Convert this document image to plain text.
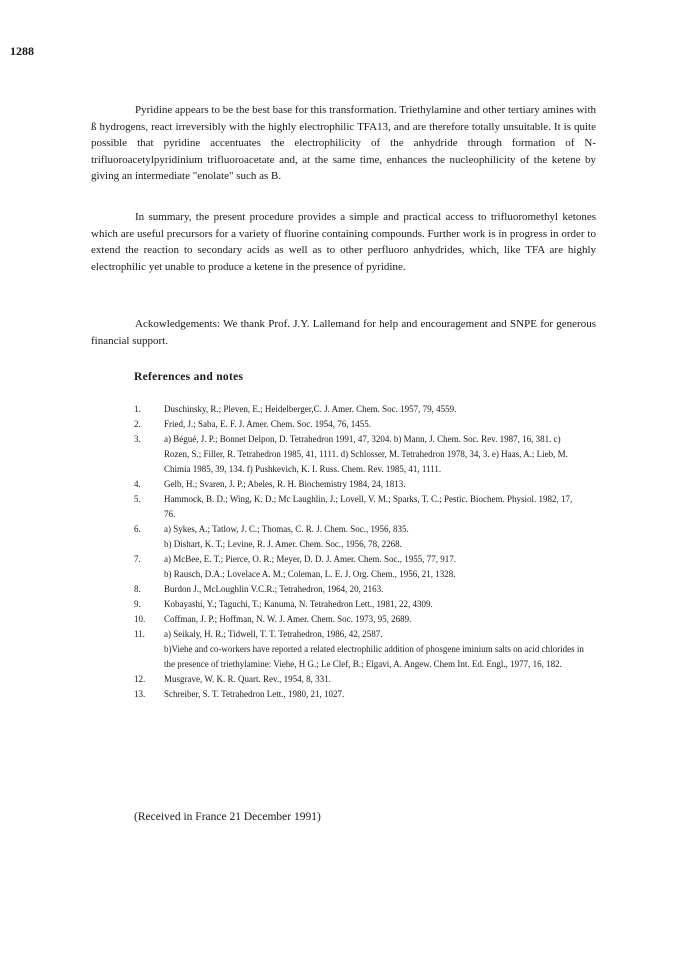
1288

Pyridine appears to be the best base for this transformation. Triethylamine and other tertiary amines with ß hydrogens, react irreversibly with the highly electrophilic TFA13, and are therefore totally unsuitable. It is quite possible that pyridine accentuates the electrophilicity of the anhydride through formation of N-trifluoroacetylpyridinium trifluoroacetate and, at the same time, enhances the nucleophilicity of the ketene by giving an intermediate "enolate" such as B.

In summary, the present procedure provides a simple and practical access to trifluoromethyl ketones which are useful precursors for a variety of fluorine containing compounds. Further work is in progress in order to extend the reaction to secondary acids as well as to other perfluoro anhydrides, which, like TFA are highly electrophilic yet unable to produce a ketene in the presence of pyridine.

Ackowledgements: We thank Prof. J.Y. Lallemand for help and encouragement and SNPE for generous financial support.

References and notes
1.	Duschinsky, R.; Pleven, E.; Heidelberger,C. J. Amer. Chem. Soc. 1957, 79, 4559.
2.	Fried, J.; Saba, E. F. J. Amer. Chem. Soc. 1954, 76, 1455.
3.	a) Bégué, J. P.; Bonnet Delpon, D. Tetrahedron 1991, 47, 3204. b) Mann, J. Chem. Soc. Rev. 1987, 16, 381. c) Rozen, S.; Filler, R. Tetrahedron 1985, 41, 1111. d) Schlosser, M. Tetrahedron 1978, 34, 3. e) Haas, A.; Lieb, M. Chimia 1985, 39, 134. f) Pushkevich, K. I. Russ. Chem. Rev. 1985, 41, 1111.
4.	Gelb, H.; Svaren, J. P.; Abeles, R. H. Biochemistry 1984, 24, 1813.
5.	Hammock, B. D.; Wing, K. D.; Mc Laughlin, J.; Lovell, V. M.; Sparks, T. C.; Pestic. Biochem. Physiol. 1982, 17, 76.
6.	a) Sykes, A.; Tatlow, J. C.; Thomas, C. R. J. Chem. Soc., 1956, 835.
b) Dishart, K. T.; Levine, R. J. Amer. Chem. Soc., 1956, 78, 2268.
7.	a) McBee, E. T.; Pierce, O. R.; Meyer, D. D. J. Amer. Chem. Soc., 1955, 77, 917.
b) Rausch, D.A.; Lovelace A. M.; Coleman, L. E. J. Org. Chem., 1956, 21, 1328.
8.	Burdon J., McLoughlin V.C.R.; Tetrahedron, 1964, 20, 2163.
9.	Kobayashi, Y.; Taguchi, T.; Kanuma, N. Tetrahedron Lett., 1981, 22, 4309.
10.	Coffman, J. P.; Hoffman, N. W. J. Amer. Chem. Soc. 1973, 95, 2689.
11.	a) Seikaly, H. R.; Tidwell, T. T. Tetrahedron, 1986, 42, 2587.
b)Viehe and co-workers have reported a related electrophilic addition of phosgene iminium salts on acid chlorides in the presence of triethylamine: Viehe, H G.; Le Clef, B.; Elgavi, A. Angew. Chem Int. Ed. Engl., 1977, 16, 182.
12.	Musgrave, W. K. R. Quart. Rev., 1954, 8, 331.
13.	Schreiber, S. T. Tetrahedron Lett., 1980, 21, 1027.
(Received in France 21 December 1991)
